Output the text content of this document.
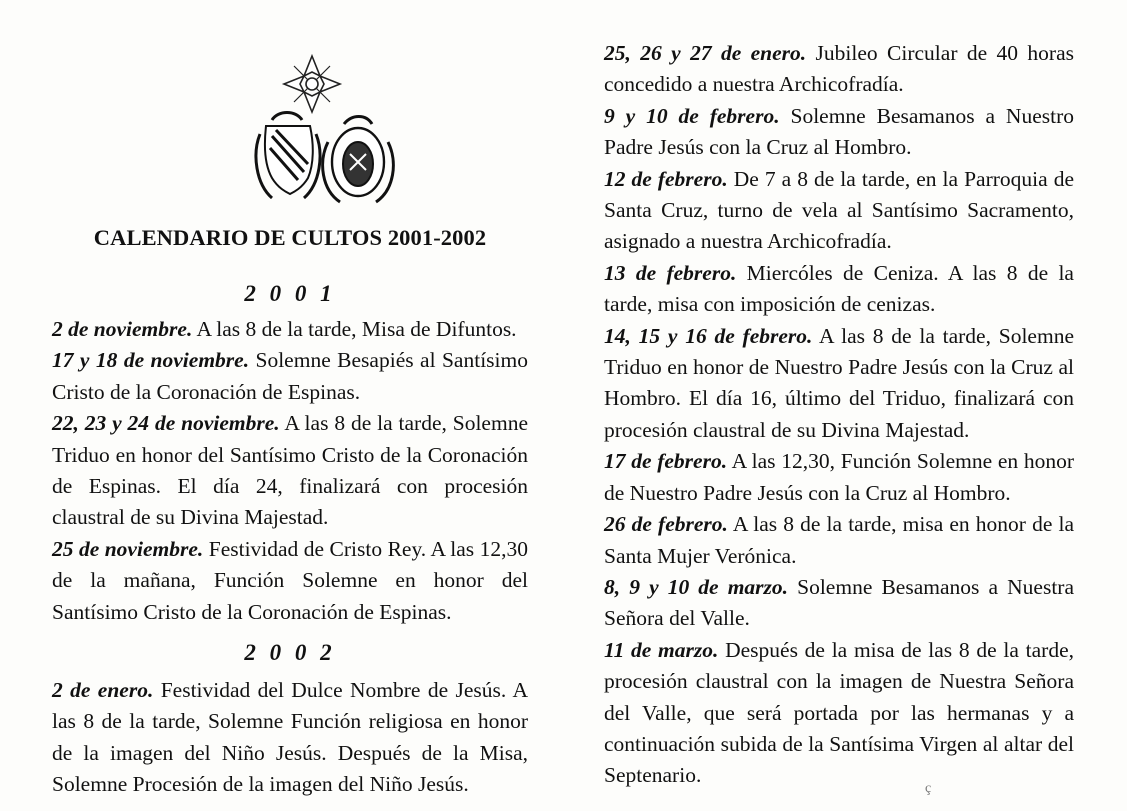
CALENDARIO DE CULTOS 2001-2002
2 0 0 1

2 de noviembre. A las 8 de la tarde, Misa de Difuntos.

17 y 18 de noviembre. Solemne Besapiés al Santísimo Cristo de la Coronación de Espinas.

22, 23 y 24 de noviembre. A las 8 de la tarde, Solemne Triduo en honor del Santísimo Cristo de la Coronación de Espinas. El día 24, finalizará con procesión claustral de su Divina Majestad.

25 de noviembre. Festividad de Cristo Rey. A las 12,30 de la mañana, Función Solemne en honor del Santísimo Cristo de la Coronación de Espinas.

2 0 0 2

2 de enero. Festividad del Dulce Nombre de Jesús. A las 8 de la tarde, Solemne Función religiosa en honor de la imagen del Niño Jesús. Después de la Misa, Solemne Procesión de la imagen del Niño Jesús.

25, 26 y 27 de enero. Jubileo Circular de 40 horas concedido a nuestra Archicofradía.

9 y 10 de febrero. Solemne Besamanos a Nuestro Padre Jesús con la Cruz al Hombro.

12 de febrero. De 7 a 8 de la tarde, en la Parroquia de Santa Cruz, turno de vela al Santísimo Sacramento, asignado a nuestra Archicofradía.

13 de febrero. Miercóles de Ceniza. A las 8 de la tarde, misa con imposición de cenizas.

14, 15 y 16 de febrero. A las 8 de la tarde, Solemne Triduo en honor de Nuestro Padre Jesús con la Cruz al Hombro. El día 16, último del Triduo, finalizará con procesión claustral de su Divina Majestad.

17 de febrero. A las 12,30, Función Solemne en honor de Nuestro Padre Jesús con la Cruz al Hombro.

26 de febrero. A las 8 de la tarde, misa en honor de la Santa Mujer Verónica.

8, 9 y 10 de marzo. Solemne Besamanos a Nuestra Señora del Valle.

11 de marzo. Después de la misa de las 8 de la tarde, procesión claustral con la imagen de Nuestra Señora del Valle, que será portada por las hermanas y a continuación subida de la Santísima Virgen al altar del Septenario.

ç
